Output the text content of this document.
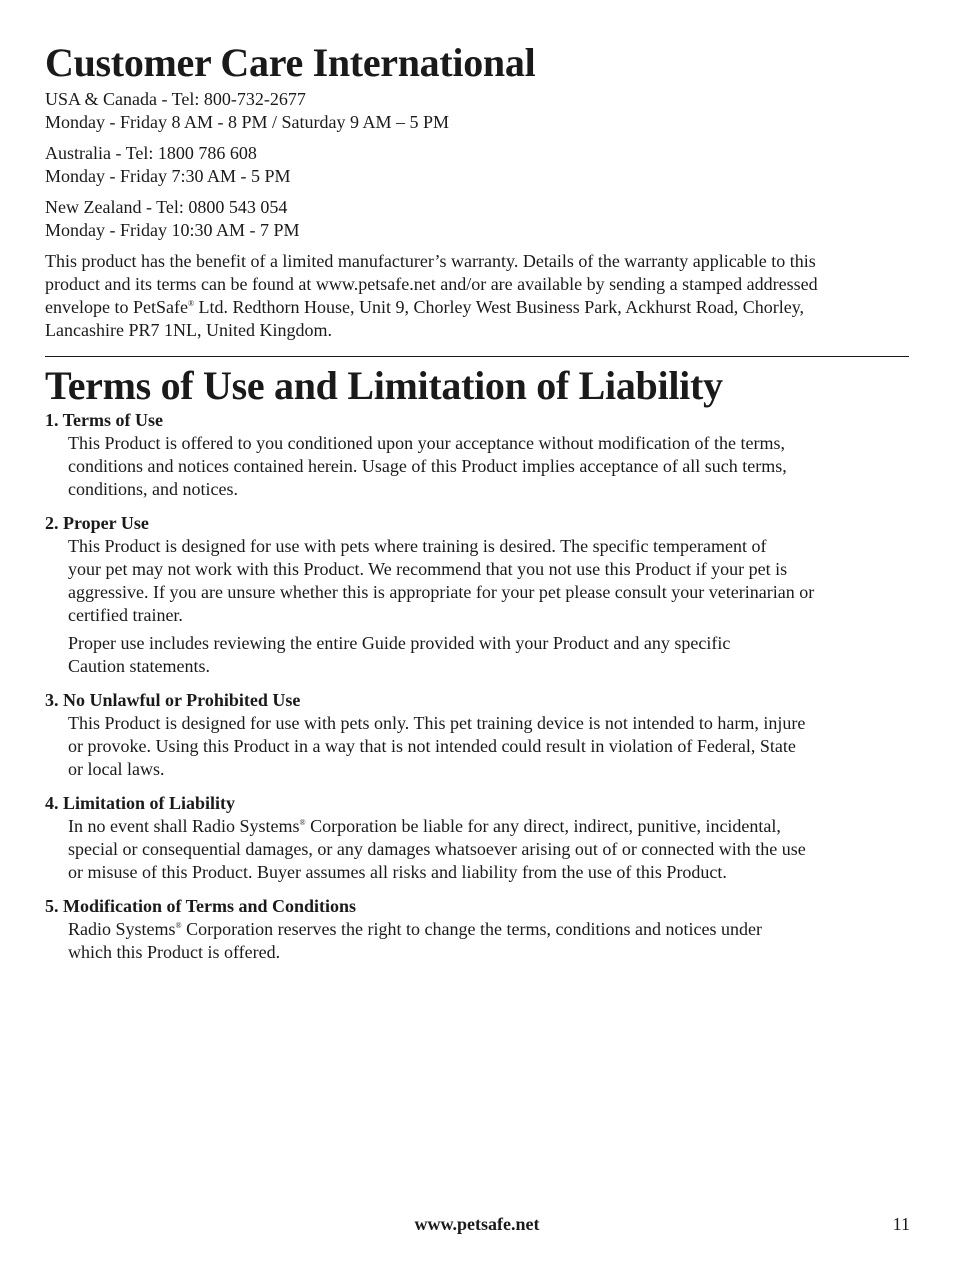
Customer Care International

USA & Canada - Tel: 800-732-2677

Monday - Friday 8 AM - 8 PM / Saturday 9 AM – 5 PM

Australia - Tel: 1800 786 608

Monday - Friday 7:30 AM - 5 PM

New Zealand - Tel: 0800 543 054

Monday - Friday 10:30 AM - 7 PM

This product has the benefit of a limited manufacturer’s warranty. Details of the warranty applicable to this

product and its terms can be found at www.petsafe.net and/or are available by sending a stamped addressed

envelope to PetSafe® Ltd. Redthorn House, Unit 9, Chorley West Business Park, Ackhurst Road, Chorley,

Lancashire PR7 1NL, United Kingdom.

Terms of Use and Limitation of Liability

1. Terms of Use

This Product is offered to you conditioned upon your acceptance without modification of the terms,
conditions and notices contained herein. Usage of this Product implies acceptance of all such terms,
conditions, and notices.

2. Proper Use

This Product is designed for use with pets where training is desired. The specific temperament of
your pet may not work with this Product. We recommend that you not use this Product if your pet is
aggressive. If you are unsure whether this is appropriate for your pet please consult your veterinarian or
certified trainer.

Proper use includes reviewing the entire Guide provided with your Product and any specific
Caution statements.

3. No Unlawful or Prohibited Use

This Product is designed for use with pets only. This pet training device is not intended to harm, injure
or provoke. Using this Product in a way that is not intended could result in violation of Federal, State
or local laws.

4. Limitation of Liability

In no event shall Radio Systems® Corporation be liable for any direct, indirect, punitive, incidental,
special or consequential damages, or any damages whatsoever arising out of or connected with the use
or misuse of this Product. Buyer assumes all risks and liability from the use of this Product.

5. Modification of Terms and Conditions

Radio Systems® Corporation reserves the right to change the terms, conditions and notices under
which this Product is offered.

www.petsafe.net	11
